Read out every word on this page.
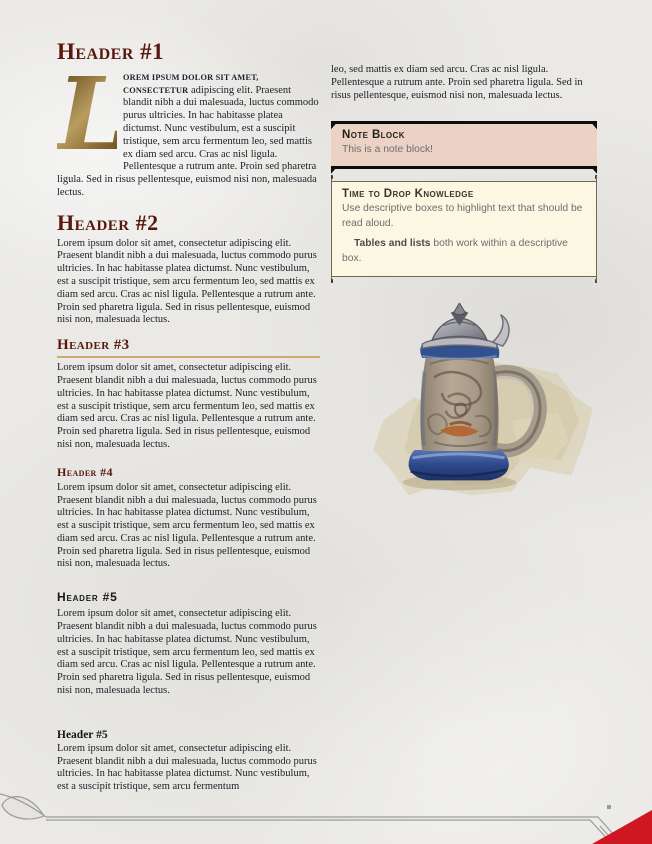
Header #1

L
OREM IPSUM DOLOR SIT AMET, CONSECTETUR adipiscing elit. Praesent blandit nibh a dui malesuada, luctus commodo purus ultricies. In hac habitasse platea dictumst. Nunc vestibulum, est a suscipit tristique, sem arcu fermentum leo, sed mattis ex diam sed arcu. Cras ac nisl ligula. Pellentesque a rutrum ante. Proin sed pharetra ligula. Sed in risus pellentesque, euismod nisi non, malesuada lectus.

Header #2

Lorem ipsum dolor sit amet, consectetur adipiscing elit. Praesent blandit nibh a dui malesuada, luctus commodo purus ultricies. In hac habitasse platea dictumst. Nunc vestibulum, est a suscipit tristique, sem arcu fermentum leo, sed mattis ex diam sed arcu. Cras ac nisl ligula. Pellentesque a rutrum ante. Proin sed pharetra ligula. Sed in risus pellentesque, euismod nisi non, malesuada lectus.

Header #3

Lorem ipsum dolor sit amet, consectetur adipiscing elit. Praesent blandit nibh a dui malesuada, luctus commodo purus ultricies. In hac habitasse platea dictumst. Nunc vestibulum, est a suscipit tristique, sem arcu fermentum leo, sed mattis ex diam sed arcu. Cras ac nisl ligula. Pellentesque a rutrum ante. Proin sed pharetra ligula. Sed in risus pellentesque, euismod nisi non, malesuada lectus.

Header #4

Lorem ipsum dolor sit amet, consectetur adipiscing elit. Praesent blandit nibh a dui malesuada, luctus commodo purus ultricies. In hac habitasse platea dictumst. Nunc vestibulum, est a suscipit tristique, sem arcu fermentum leo, sed mattis ex diam sed arcu. Cras ac nisl ligula. Pellentesque a rutrum ante. Proin sed pharetra ligula. Sed in risus pellentesque, euismod nisi non, malesuada lectus.

Header #5

Lorem ipsum dolor sit amet, consectetur adipiscing elit. Praesent blandit nibh a dui malesuada, luctus commodo purus ultricies. In hac habitasse platea dictumst. Nunc vestibulum, est a suscipit tristique, sem arcu fermentum leo, sed mattis ex diam sed arcu. Cras ac nisl ligula. Pellentesque a rutrum ante. Proin sed pharetra ligula. Sed in risus pellentesque, euismod nisi non, malesuada lectus.

Header #5

Lorem ipsum dolor sit amet, consectetur adipiscing elit. Praesent blandit nibh a dui malesuada, luctus commodo purus ultricies. In hac habitasse platea dictumst. Nunc vestibulum, est a suscipit tristique, sem arcu fermentum

leo, sed mattis ex diam sed arcu. Cras ac nisl ligula. Pellentesque a rutrum ante. Proin sed pharetra ligula. Sed in risus pellentesque, euismod nisi non, malesuada lectus.

Note Block

This is a note block!

Time to Drop Knowledge

Use descriptive boxes to highlight text that should be read aloud.

Tables and lists both work within a descriptive box.
